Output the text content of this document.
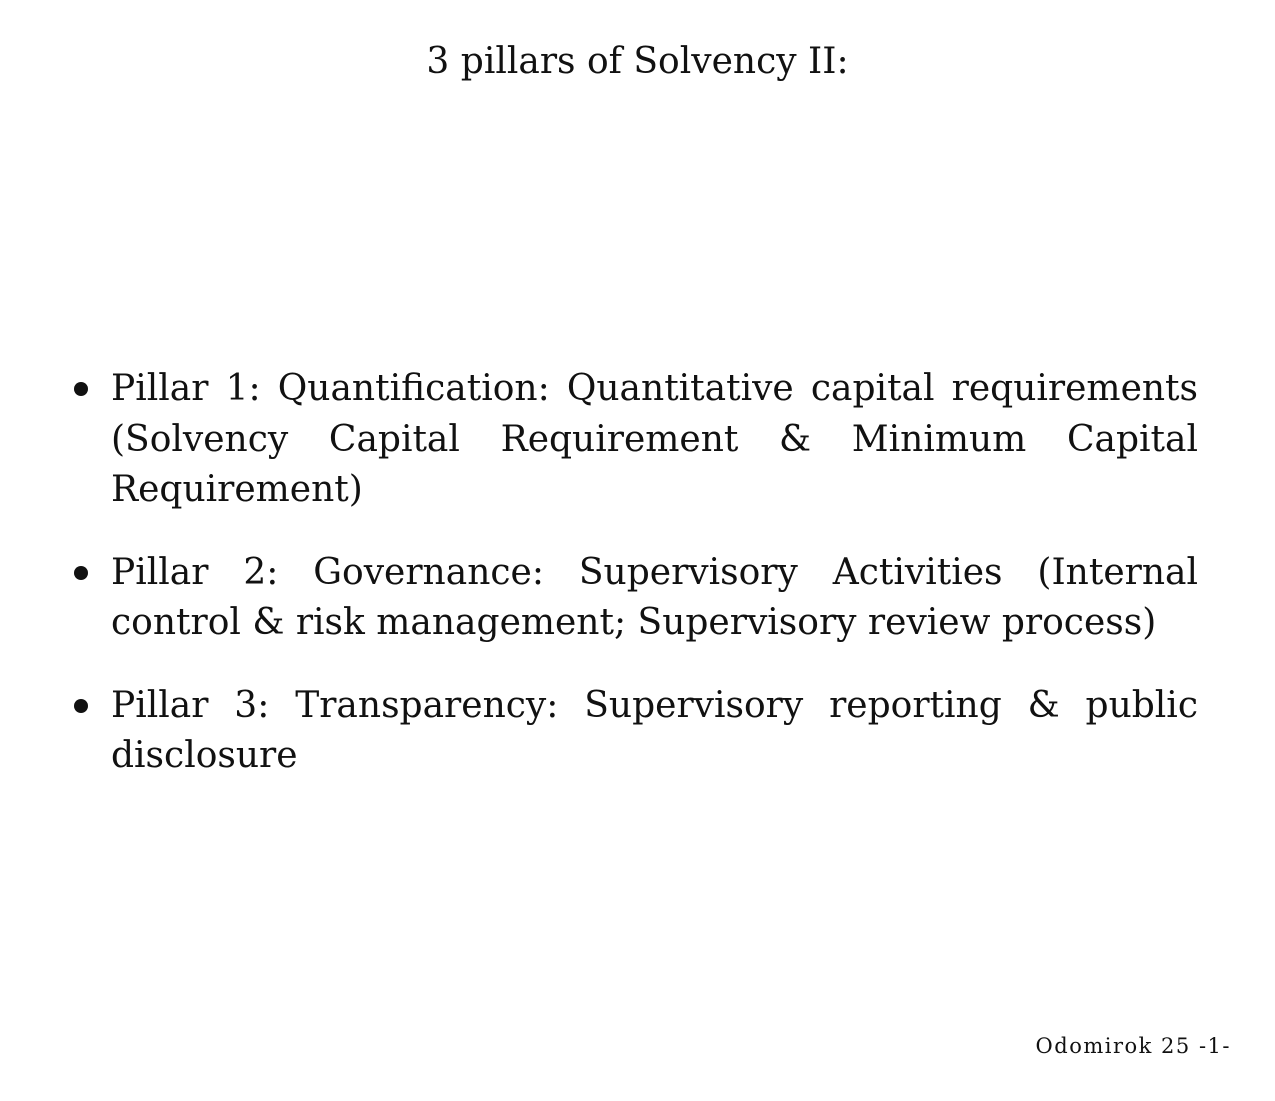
3 pillars of Solvency II:
Pillar 1: Quantification: Quantitative capital requirements (Solvency Capital Requirement & Minimum Capital Requirement)
Pillar 2: Governance: Supervisory Activities (Internal control & risk management; Supervisory review process)
Pillar 3: Transparency: Supervisory reporting & public disclosure
Odomirok 25 -1-
